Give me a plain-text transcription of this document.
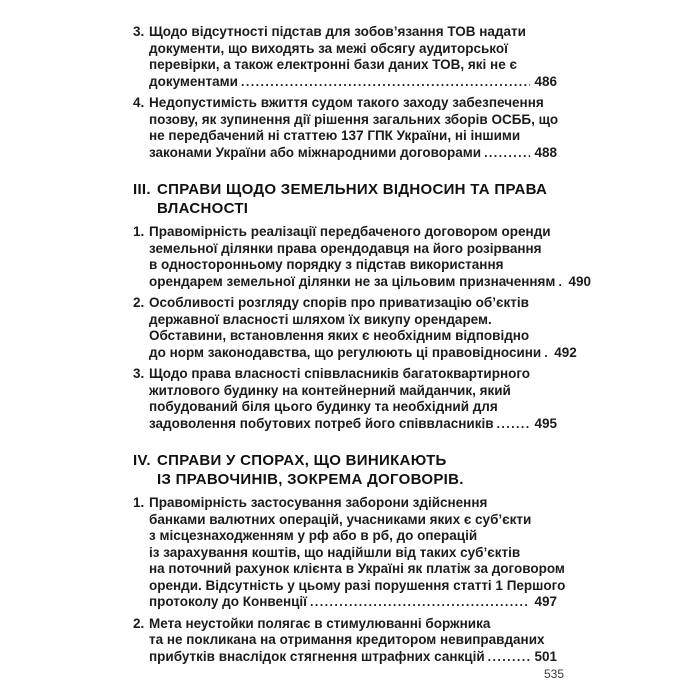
3. Щодо відсутності підстав для зобов’язання ТОВ надати
документи, що виходять за межі обсягу аудиторської
перевірки, а також електронні бази даних ТОВ, які не є
документами .....	486
4. Недопустимість вжиття судом такого заходу забезпечення
позову, як зупинення дії рішення загальних зборів ОСББ, що
не передбачений ні статтею 137 ГПК України, ні іншими
законами України або міжнародними договорами .....	488
III. СПРАВИ ЩОДО ЗЕМЕЛЬНИХ ВІДНОСИН ТА ПРАВА
ВЛАСНОСТІ
1. Правомірність реалізації передбаченого договором оренди
земельної ділянки права орендодавця на його розірвання
в односторонньому порядку з підстав використання
орендарем земельної ділянки не за цільовим призначенням ..... 490
2. Особливості розгляду спорів про приватизацію об’єктів
державної власності шляхом їх викупу орендарем.
Обставини, встановлення яких є необхідним відповідно
до норм законодавства, що регулюють ці правовідносини ..... 492
3. Щодо права власності співвласників багатоквартирного
житлового будинку на контейнерний майданчик, який
побудований біля цього будинку та необхідний для
задоволення побутових потреб його співвласників .....	495
IV. СПРАВИ У СПОРАХ, ЩО ВИНИКАЮТЬ
ІЗ ПРАВОЧИНІВ, ЗОКРЕМА ДОГОВОРІВ.
1. Правомірність застосування заборони здійснення
банками валютних операцій, учасниками яких є суб’єкти
з місцезнаходженням у рф або в рб, до операцій
із зарахування коштів, що надійшли від таких суб’єктів
на поточний рахунок клієнта в Україні як платіж за договором
оренди. Відсутність у цьому разі порушення статті 1 Першого
протоколу до Конвенції .....	497
2. Мета неустойки полягає в стимулюванні боржника
та не покликана на отримання кредитором невиправданих
прибутків внаслідок стягнення штрафних санкцій .....	501
535
